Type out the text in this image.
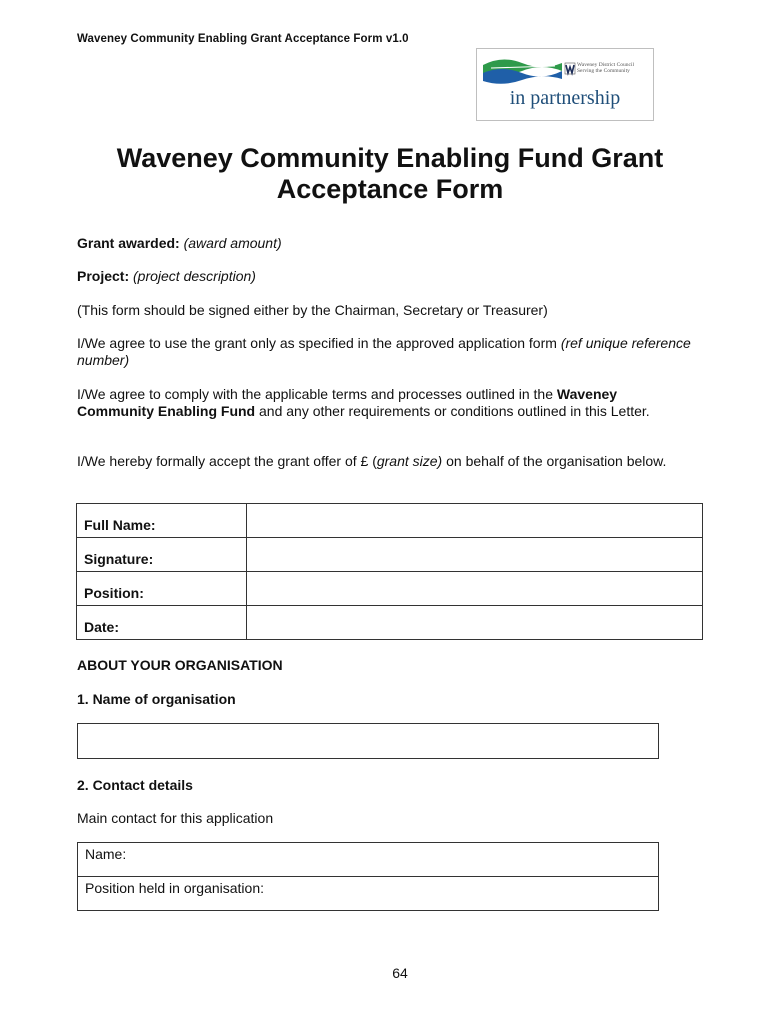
Waveney Community Enabling Grant Acceptance Form v1.0
Waveney District Council
Serving the Community
in partnership
Waveney Community Enabling Fund Grant Acceptance Form
Grant awarded: (award amount)
Project: (project description)
(This form should be signed either by the Chairman, Secretary or Treasurer)
I/We agree to use the grant only as specified in the approved application form (ref unique reference number)
I/We agree to comply with the applicable terms and processes outlined in the Waveney Community Enabling Fund and any other requirements or conditions outlined in this Letter.
I/We hereby formally accept the grant offer of £ (grant size) on behalf of the organisation below.
Full Name:	
Signature:	
Position:	
Date:	
ABOUT YOUR ORGANISATION
1. Name of organisation
2. Contact details
Main contact for this application
Name:
Position held in organisation:
64
